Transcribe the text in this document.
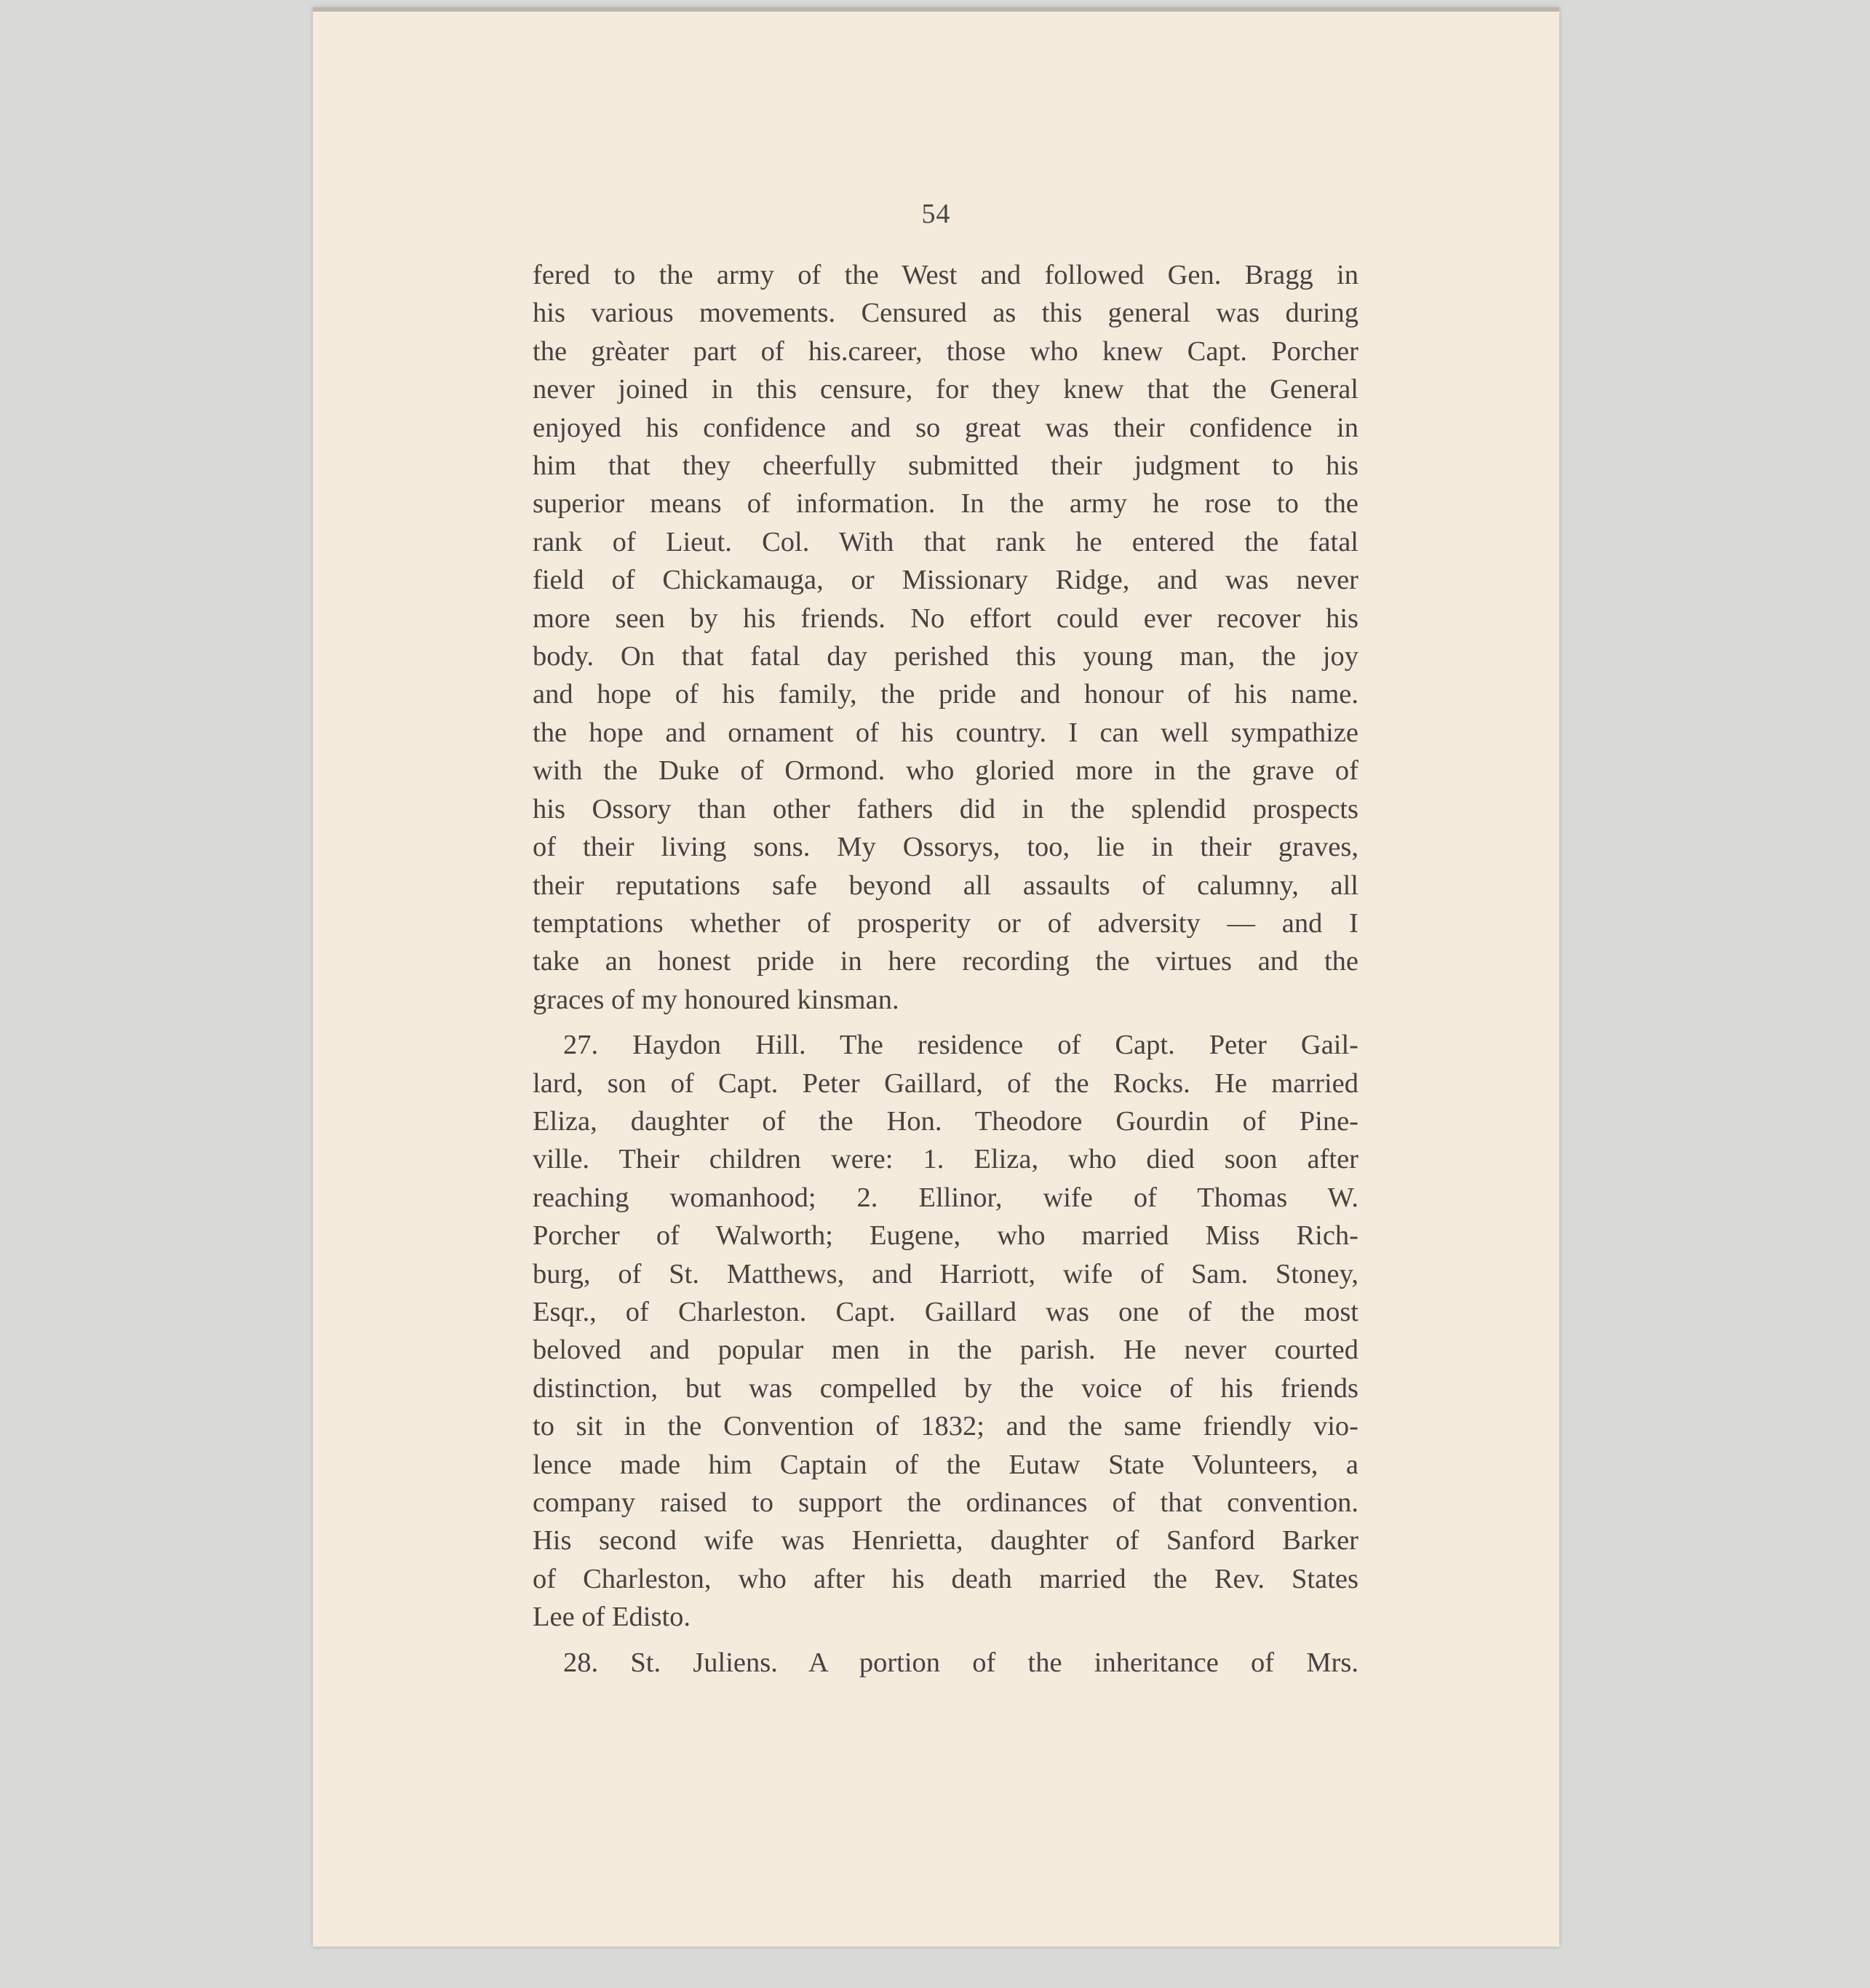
54

fered to the army of the West and followed Gen. Bragg in
his various movements. Censured as this general was during
the grèater part of his.career, those who knew Capt. Porcher
never joined in this censure, for they knew that the General
enjoyed his confidence and so great was their confidence in
him that they cheerfully submitted their judgment to his
superior means of information. In the army he rose to the
rank of Lieut. Col. With that rank he entered the fatal
field of Chickamauga, or Missionary Ridge, and was never
more seen by his friends. No effort could ever recover his
body. On that fatal day perished this young man, the joy
and hope of his family, the pride and honour of his name.
the hope and ornament of his country. I can well sympathize
with the Duke of Ormond. who gloried more in the grave of
his Ossory than other fathers did in the splendid prospects
of their living sons. My Ossorys, too, lie in their graves,
their reputations safe beyond all assaults of calumny, all
temptations whether of prosperity or of adversity — and I
take an honest pride in here recording the virtues and the
graces of my honoured kinsman.

27. Haydon Hill. The residence of Capt. Peter Gail-
lard, son of Capt. Peter Gaillard, of the Rocks. He married
Eliza, daughter of the Hon. Theodore Gourdin of Pine-
ville. Their children were: 1. Eliza, who died soon after
reaching womanhood; 2. Ellinor, wife of Thomas W.
Porcher of Walworth; Eugene, who married Miss Rich-
burg, of St. Matthews, and Harriott, wife of Sam. Stoney,
Esqr., of Charleston. Capt. Gaillard was one of the most
beloved and popular men in the parish. He never courted
distinction, but was compelled by the voice of his friends
to sit in the Convention of 1832; and the same friendly vio-
lence made him Captain of the Eutaw State Volunteers, a
company raised to support the ordinances of that convention.
His second wife was Henrietta, daughter of Sanford Barker
of Charleston, who after his death married the Rev. States
Lee of Edisto.

28. St. Juliens. A portion of the inheritance of Mrs.
